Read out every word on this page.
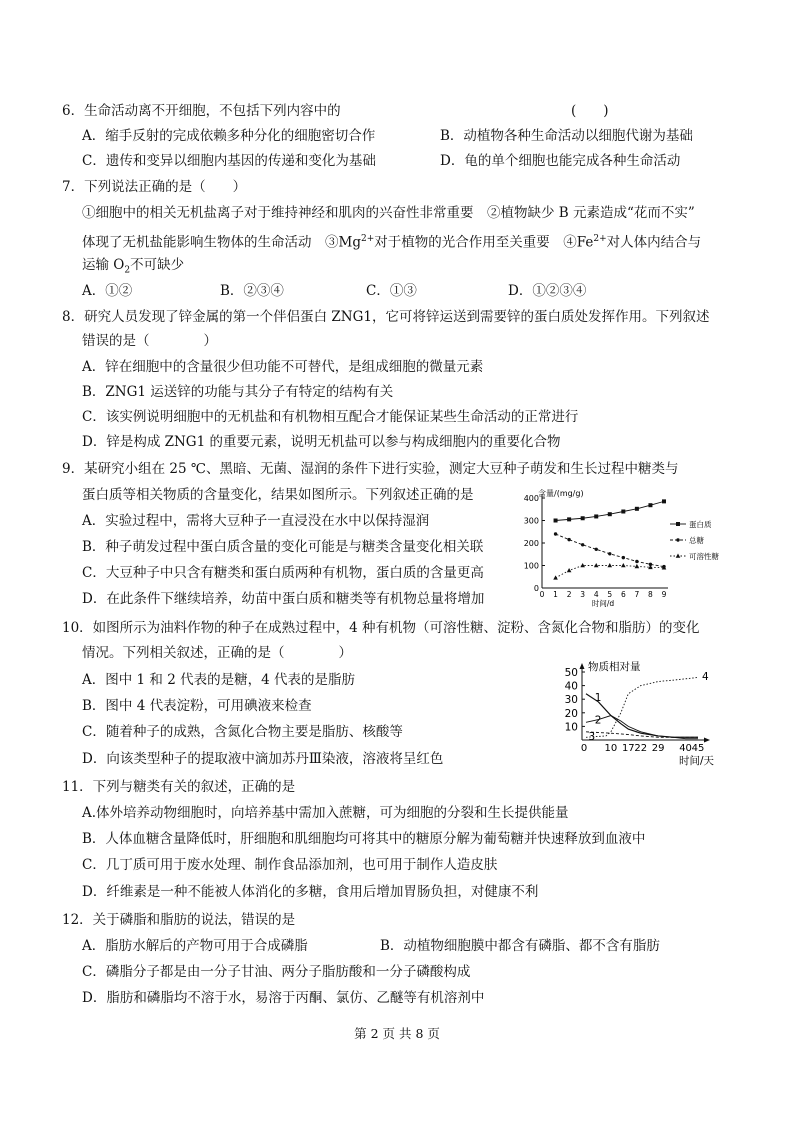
6．生命活动离不开细胞，不包括下列内容中的	(　　)
A．缩手反射的完成依赖多种分化的细胞密切合作	B．动植物各种生命活动以细胞代谢为基础
C．遗传和变异以细胞内基因的传递和变化为基础	D．龟的单个细胞也能完成各种生命活动
7．下列说法正确的是（　　）
①细胞中的相关无机盐离子对于维持神经和肌肉的兴奋性非常重要　②植物缺少 B 元素造成“花而不实”
体现了无机盐能影响生物体的生命活动　$③Mg^{2+}$对于植物的光合作用至关重要　$④Fe^{2+}$对人体内结合与
运输 $O_2$不可缺少
A．①②	B．②③④	C．①③	D．①②③④
8．研究人员发现了锌金属的第一个伴侣蛋白 ZNG1，它可将锌运送到需要锌的蛋白质处发挥作用。下列叙述
错误的是（　　　　）
A．锌在细胞中的含量很少但功能不可替代，是组成细胞的微量元素
B．ZNG1 运送锌的功能与其分子有特定的结构有关
C．该实例说明细胞中的无机盐和有机物相互配合才能保证某些生命活动的正常进行
D．锌是构成 ZNG1 的重要元素，说明无机盐可以参与构成细胞内的重要化合物
9．某研究小组在 25 ℃、黑暗、无菌、湿润的条件下进行实验，测定大豆种子萌发和生长过程中糖类与
蛋白质等相关物质的含量变化，结果如图所示。下列叙述正确的是
A．实验过程中，需将大豆种子一直浸没在水中以保持湿润
B．种子萌发过程中蛋白质含量的变化可能是与糖类含量变化相关联
C．大豆种子中只含有糖类和蛋白质两种有机物，蛋白质的含量更高
D．在此条件下继续培养，幼苗中蛋白质和糖类等有机物总量将增加
含量/(mg/g)
0
100
200
300
400
0 1 2 3 4 5 6 7 8 9
时间/d
蛋白质
总糖
可溶性糖
10．如图所示为油料作物的种子在成熟过程中，4 种有机物（可溶性糖、淀粉、含氮化合物和脂肪）的变化
情况。下列相关叙述，正确的是（　　　　）
A．图中 1 和 2 代表的是糖，4 代表的是脂肪
B．图中 4 代表淀粉，可用碘液来检查
C．随着种子的成熟，含氮化合物主要是脂肪、核酸等
D．向该类型种子的提取液中滴加苏丹Ⅲ染液，溶液将呈红色
物质相对量
10
20
30
40
50
0 10 17 22 29 40 45
时间/天
1
2
3
4
11．下列与糖类有关的叙述，正确的是
A.体外培养动物细胞时，向培养基中需加入蔗糖，可为细胞的分裂和生长提供能量
B．人体血糖含量降低时，肝细胞和肌细胞均可将其中的糖原分解为葡萄糖并快速释放到血液中
C．几丁质可用于废水处理、制作食品添加剂，也可用于制作人造皮肤
D．纤维素是一种不能被人体消化的多糖，食用后增加胃肠负担，对健康不利
12．关于磷脂和脂肪的说法，错误的是
A．脂肪水解后的产物可用于合成磷脂	B．动植物细胞膜中都含有磷脂、都不含有脂肪
C．磷脂分子都是由一分子甘油、两分子脂肪酸和一分子磷酸构成
D．脂肪和磷脂均不溶于水，易溶于丙酮、氯仿、乙醚等有机溶剂中
第 2 页 共 8 页
